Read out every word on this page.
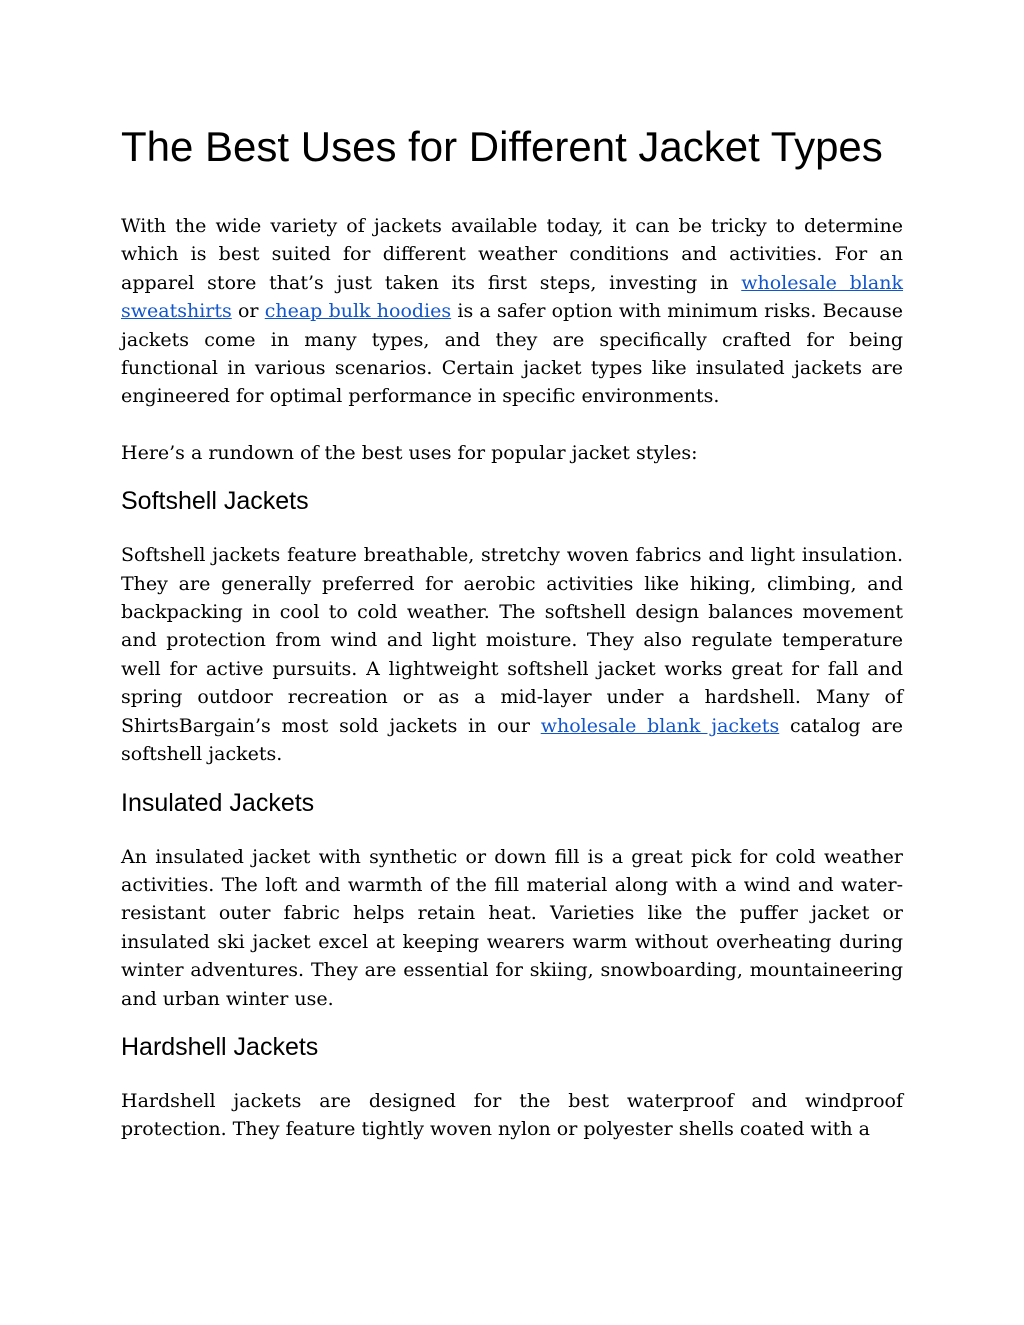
The Best Uses for Different Jacket Types

With the wide variety of jackets available today, it can be tricky to determine which is best suited for different weather conditions and activities. For an apparel store that’s just taken its first steps, investing in wholesale blank sweatshirts or cheap bulk hoodies is a safer option with minimum risks. Because jackets come in many types, and they are specifically crafted for being functional in various scenarios. Certain jacket types like insulated jackets are engineered for optimal performance in specific environments.

Here’s a rundown of the best uses for popular jacket styles:

Softshell Jackets

Softshell jackets feature breathable, stretchy woven fabrics and light insulation. They are generally preferred for aerobic activities like hiking, climbing, and backpacking in cool to cold weather. The softshell design balances movement and protection from wind and light moisture. They also regulate temperature well for active pursuits. A lightweight softshell jacket works great for fall and spring outdoor recreation or as a mid-layer under a hardshell. Many of ShirtsBargain’s most sold jackets in our wholesale blank jackets catalog are softshell jackets.

Insulated Jackets

An insulated jacket with synthetic or down fill is a great pick for cold weather activities. The loft and warmth of the fill material along with a wind and water-resistant outer fabric helps retain heat. Varieties like the puffer jacket or insulated ski jacket excel at keeping wearers warm without overheating during winter adventures. They are essential for skiing, snowboarding, mountaineering and urban winter use.

Hardshell Jackets

Hardshell jackets are designed for the best waterproof and windproof protection. They feature tightly woven nylon or polyester shells coated with a
